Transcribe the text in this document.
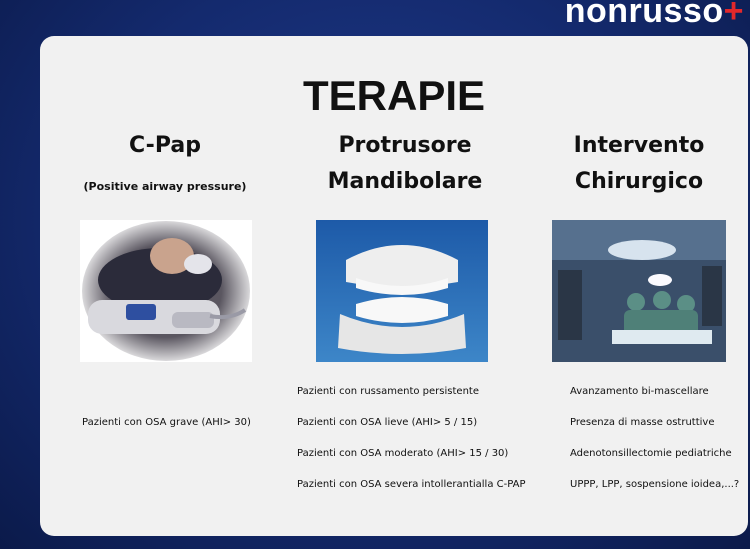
nonrusso+
TERAPIE
C-Pap
(Positive airway pressure)
Pazienti con OSA grave (AHI> 30)
Protrusore
Mandibolare
Pazienti con russamento persistente
Pazienti con OSA lieve (AHI> 5 / 15)
Pazienti con OSA moderato (AHI> 15 / 30)
Pazienti con OSA severa intollerantialla C-PAP
Intervento
Chirurgico
Avanzamento bi-mascellare
Presenza di masse ostruttive
Adenotonsillectomie pediatriche
UPPP, LPP, sospensione ioidea,...?
